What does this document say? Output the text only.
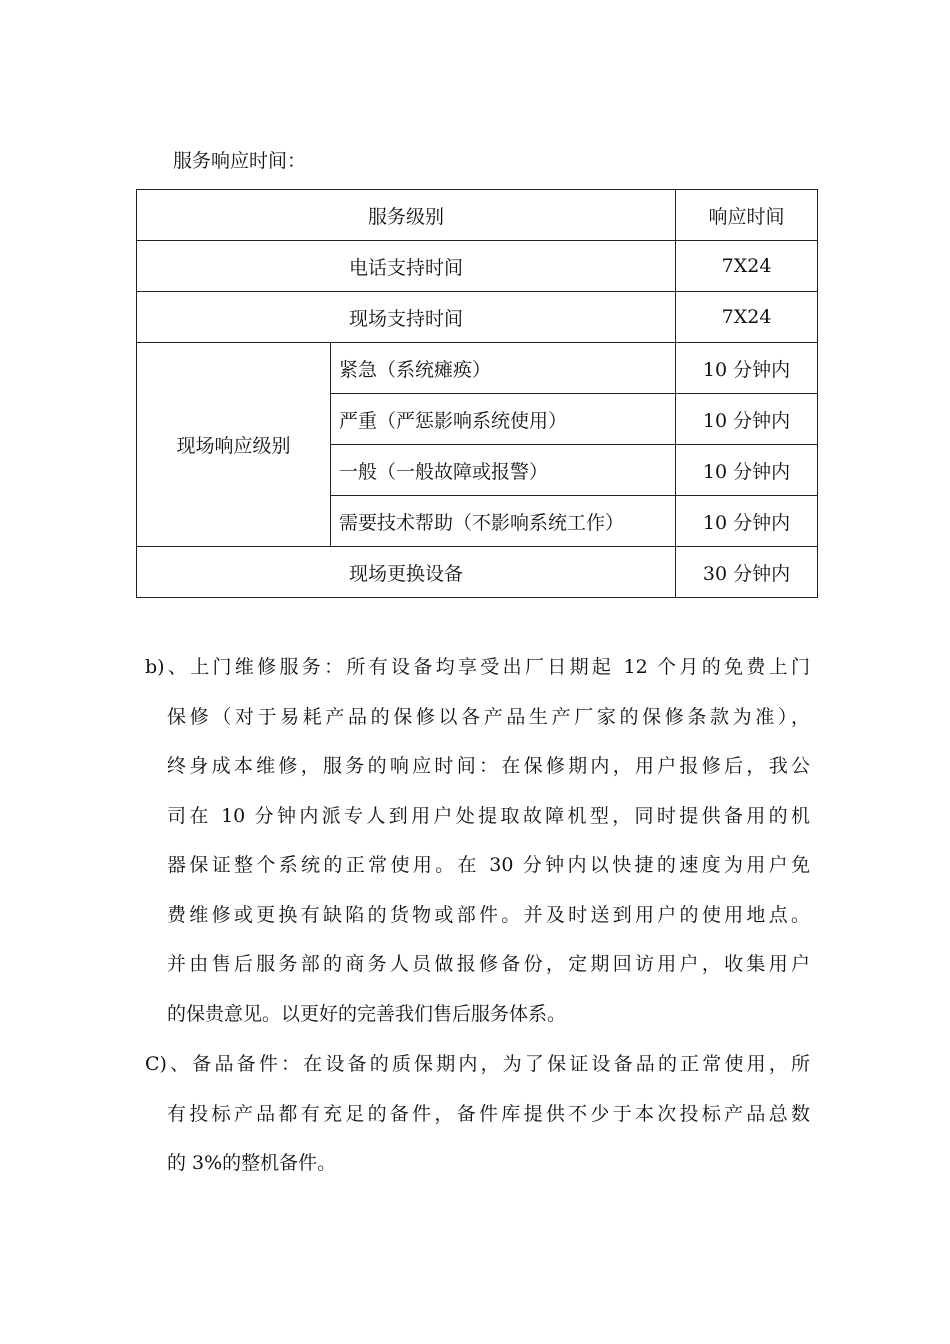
服务响应时间：
服务级别		响应时间
电话支持时间		7X24
现场支持时间		7X24
现场响应级别	紧急（系统瘫痪）	10 分钟内
	严重（严惩影响系统使用）	10 分钟内
	一般（一般故障或报警）	10 分钟内
	需要技术帮助（不影响系统工作）	10 分钟内
现场更换设备		30 分钟内
b)、上门维修服务：所有设备均享受出厂日期起 12 个月的免费上门
保修（对于易耗产品的保修以各产品生产厂家的保修条款为准），
终身成本维修，服务的响应时间：在保修期内，用户报修后，我公
司在 10 分钟内派专人到用户处提取故障机型，同时提供备用的机
器保证整个系统的正常使用。在 30 分钟内以快捷的速度为用户免
费维修或更换有缺陷的货物或部件。并及时送到用户的使用地点。
并由售后服务部的商务人员做报修备份，定期回访用户，收集用户
的保贵意见。以更好的完善我们售后服务体系。
C)、备品备件：在设备的质保期内，为了保证设备品的正常使用，所
有投标产品都有充足的备件，备件库提供不少于本次投标产品总数
的 3%的整机备件。
